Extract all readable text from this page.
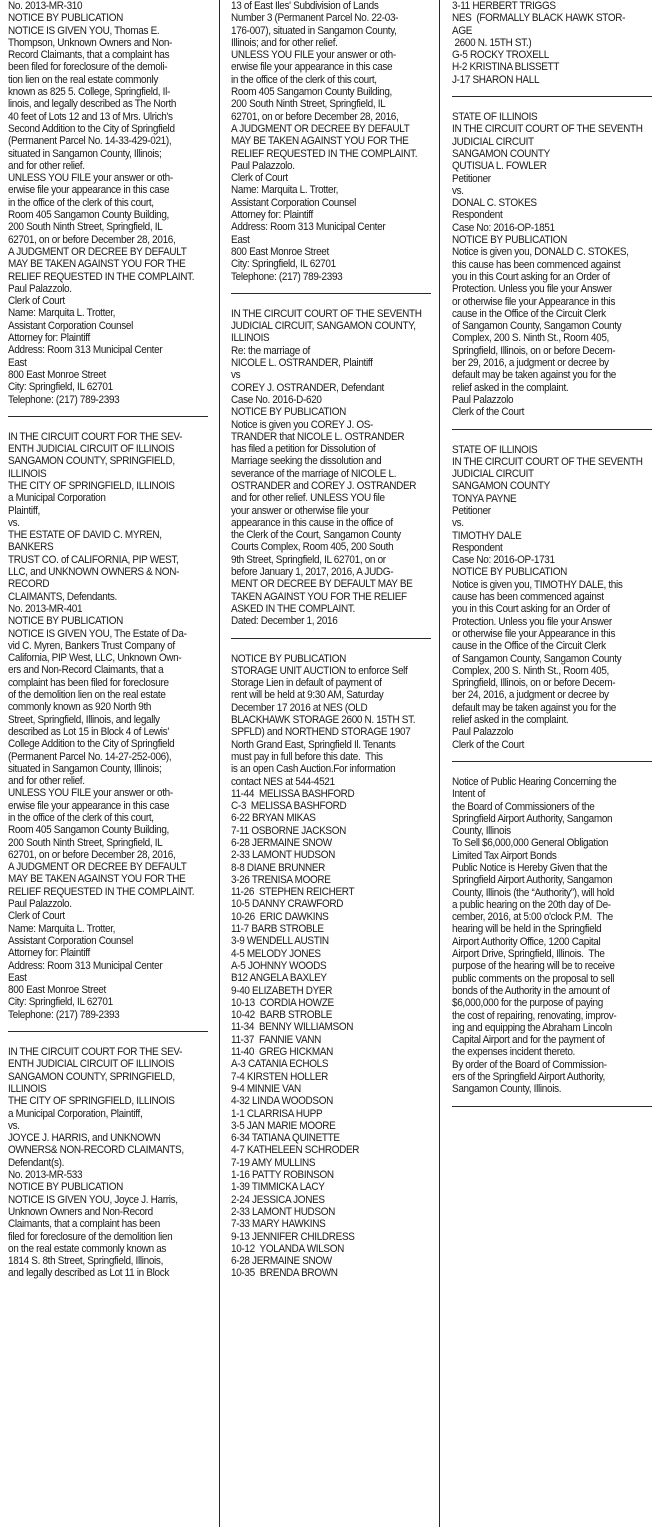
No. 2013-MR-310
NOTICE BY PUBLICATION
NOTICE IS GIVEN YOU, Thomas E.
Thompson, Unknown Owners and Non-
Record Claimants, that a complaint has
been filed for foreclosure of the demoli-
tion lien on the real estate commonly
known as 825 5. College, Springfield, Il-
linois, and legally described as The North
40 feet of Lots 12 and 13 of Mrs. Ulrich's
Second Addition to the City of Springfield
(Permanent Parcel No. 14-33-429-021),
situated in Sangamon County, Illinois;
and for other relief.
UNLESS YOU FILE your answer or oth-
erwise file your appearance in this case
in the office of the clerk of this court,
Room 405 Sangamon County Building,
200 South Ninth Street, Springfield, IL
62701, on or before December 28, 2016,
A JUDGMENT OR DECREE BY DEFAULT
MAY BE TAKEN AGAINST YOU FOR THE
RELIEF REQUESTED IN THE COMPLAINT.
Paul Palazzolo.
Clerk of Court
Name: Marquita L. Trotter,
Assistant Corporation Counsel
Attorney for: Plaintiff
Address: Room 313 Municipal Center
East
800 East Monroe Street
City: Springfield, IL 62701
Telephone: (217) 789-2393
IN THE CIRCUIT COURT FOR THE SEV-
ENTH JUDICIAL CIRCUIT OF ILLINOIS
SANGAMON COUNTY, SPRINGFIELD,
ILLINOIS
THE CITY OF SPRINGFIELD, ILLINOIS
a Municipal Corporation
Plaintiff,
vs.
THE ESTATE OF DAVID C. MYREN,
BANKERS
TRUST CO. of CALIFORNIA, PIP WEST,
LLC, and UNKNOWN OWNERS & NON-
RECORD
CLAIMANTS, Defendants.
No. 2013-MR-401
NOTICE BY PUBLICATION
NOTICE IS GIVEN YOU, The Estate of Da-
vid C. Myren, Bankers Trust Company of
California, PIP West, LLC, Unknown Own-
ers and Non-Record Claimants, that a
complaint has been filed for foreclosure
of the demolition lien on the real estate
commonly known as 920 North 9th
Street, Springfield, Illinois, and legally
described as Lot 15 in Block 4 of Lewis'
College Addition to the City of Springfield
(Permanent Parcel No. 14-27-252-006),
situated in Sangamon County, Illinois;
and for other relief.
UNLESS YOU FILE your answer or oth-
erwise file your appearance in this case
in the office of the clerk of this court,
Room 405 Sangamon County Building,
200 South Ninth Street, Springfield, IL
62701, on or before December 28, 2016,
A JUDGMENT OR DECREE BY DEFAULT
MAY BE TAKEN AGAINST YOU FOR THE
RELIEF REQUESTED IN THE COMPLAINT.
Paul Palazzolo.
Clerk of Court
Name: Marquita L. Trotter,
Assistant Corporation Counsel
Attorney for: Plaintiff
Address: Room 313 Municipal Center
East
800 East Monroe Street
City: Springfield, IL 62701
Telephone: (217) 789-2393
IN THE CIRCUIT COURT FOR THE SEV-
ENTH JUDICIAL CIRCUIT OF ILLINOIS
SANGAMON COUNTY, SPRINGFIELD,
ILLINOIS
THE CITY OF SPRINGFIELD, ILLINOIS
a Municipal Corporation, Plaintiff,
vs.
JOYCE J. HARRIS, and UNKNOWN
OWNERS& NON-RECORD CLAIMANTS,
Defendant(s).
No. 2013-MR-533
NOTICE BY PUBLICATION
NOTICE IS GIVEN YOU, Joyce J. Harris,
Unknown Owners and Non-Record
Claimants, that a complaint has been
filed for foreclosure of the demolition lien
on the real estate commonly known as
1814 S. 8th Street, Springfield, Illinois,
and legally described as Lot 11 in Block
13 of East Iles' Subdivision of Lands
Number 3 (Permanent Parcel No. 22-03-
176-007), situated in Sangamon County,
Illinois; and for other relief.
UNLESS YOU FILE your answer or oth-
erwise file your appearance in this case
in the office of the clerk of this court,
Room 405 Sangamon County Building,
200 South Ninth Street, Springfield, IL
62701, on or before December 28, 2016,
A JUDGMENT OR DECREE BY DEFAULT
MAY BE TAKEN AGAINST YOU FOR THE
RELIEF REQUESTED IN THE COMPLAINT.
Paul Palazzolo.
Clerk of Court
Name: Marquita L. Trotter,
Assistant Corporation Counsel
Attorney for: Plaintiff
Address: Room 313 Municipal Center
East
800 East Monroe Street
City: Springfield, IL 62701
Telephone: (217) 789-2393
IN THE CIRCUIT COURT OF THE SEVENTH
JUDICIAL CIRCUIT, SANGAMON COUNTY,
ILLINOIS
Re: the marriage of
NICOLE L. OSTRANDER, Plaintiff
vs
COREY J. OSTRANDER, Defendant
Case No. 2016-D-620
NOTICE BY PUBLICATION
Notice is given you COREY J. OS-
TRANDER that NICOLE L. OSTRANDER
has filed a petition for Dissolution of
Marriage seeking the dissolution and
severance of the marriage of NICOLE L.
OSTRANDER and COREY J. OSTRANDER
and for other relief. UNLESS YOU file
your answer or otherwise file your
appearance in this cause in the office of
the Clerk of the Court, Sangamon County
Courts Complex, Room 405, 200 South
9th Street, Springfield, IL 62701, on or
before January 1, 2017, 2016, A JUDG-
MENT OR DECREE BY DEFAULT MAY BE
TAKEN AGAINST YOU FOR THE RELIEF
ASKED IN THE COMPLAINT.
Dated: December 1, 2016
NOTICE BY PUBLICATION
STORAGE UNIT AUCTION to enforce Self
Storage Lien in default of payment of
rent will be held at 9:30 AM, Saturday
December 17 2016 at NES (OLD
BLACKHAWK STORAGE 2600 N. 15TH ST.
SPFLD) and NORTHEND STORAGE 1907
North Grand East, Springfield Il. Tenants
must pay in full before this date.  This
is an open Cash Auction.For information
contact NES at 544-4521
11-44  MELISSA BASHFORD
C-3  MELISSA BASHFORD
6-22 BRYAN MIKAS
7-11 OSBORNE JACKSON
6-28 JERMAINE SNOW
2-33 LAMONT HUDSON
8-8 DIANE BRUNNER
3-26 TRENISA MOORE
11-26  STEPHEN REICHERT
10-5 DANNY CRAWFORD
10-26  ERIC DAWKINS
11-7 BARB STROBLE
3-9 WENDELL AUSTIN
4-5 MELODY JONES
A-5 JOHNNY WOODS
B12 ANGELA BAXLEY
9-40 ELIZABETH DYER
10-13  CORDIA HOWZE
10-42  BARB STROBLE
11-34  BENNY WILLIAMSON
11-37  FANNIE VANN
11-40  GREG HICKMAN
A-3 CATANIA ECHOLS
7-4 KIRSTEN HOLLER
9-4 MINNIE VAN
4-32 LINDA WOODSON
1-1 CLARRISA HUPP
3-5 JAN MARIE MOORE
6-34 TATIANA QUINETTE
4-7 KATHELEEN SCHRODER
7-19 AMY MULLINS
1-16 PATTY ROBINSON
1-39 TIMMICKA LACY
2-24 JESSICA JONES
2-33 LAMONT HUDSON
7-33 MARY HAWKINS
9-13 JENNIFER CHILDRESS
10-12  YOLANDA WILSON
6-28 JERMAINE SNOW
10-35  BRENDA BROWN
3-11 HERBERT TRIGGS
NES  (FORMALLY BLACK HAWK STOR-
AGE
2600 N. 15TH ST.)
G-5 ROCKY TROXELL
H-2 KRISTINA BLISSETT
J-17 SHARON HALL
STATE OF ILLINOIS
IN THE CIRCUIT COURT OF THE SEVENTH
JUDICIAL CIRCUIT
SANGAMON COUNTY
QUTISUA L. FOWLER
Petitioner
vs.
DONAL C. STOKES
Respondent
Case No: 2016-OP-1851
NOTICE BY PUBLICATION
Notice is given you, DONALD C. STOKES,
this cause has been commenced against
you in this Court asking for an Order of
Protection. Unless you file your Answer
or otherwise file your Appearance in this
cause in the Office of the Circuit Clerk
of Sangamon County, Sangamon County
Complex, 200 S. Ninth St., Room 405,
Springfield, Illinois, on or before Decem-
ber 29, 2016, a judgment or decree by
default may be taken against you for the
relief asked in the complaint.
Paul Palazzolo
Clerk of the Court
STATE OF ILLINOIS
IN THE CIRCUIT COURT OF THE SEVENTH
JUDICIAL CIRCUIT
SANGAMON COUNTY
TONYA PAYNE
Petitioner
vs.
TIMOTHY DALE
Respondent
Case No: 2016-OP-1731
NOTICE BY PUBLICATION
Notice is given you, TIMOTHY DALE, this
cause has been commenced against
you in this Court asking for an Order of
Protection. Unless you file your Answer
or otherwise file your Appearance in this
cause in the Office of the Circuit Clerk
of Sangamon County, Sangamon County
Complex, 200 S. Ninth St., Room 405,
Springfield, Illinois, on or before Decem-
ber 24, 2016, a judgment or decree by
default may be taken against you for the
relief asked in the complaint.
Paul Palazzolo
Clerk of the Court
Notice of Public Hearing Concerning the
Intent of
the Board of Commissioners of the
Springfield Airport Authority, Sangamon
County, Illinois
To Sell $6,000,000 General Obligation
Limited Tax Airport Bonds
Public Notice is Hereby Given that the
Springfield Airport Authority, Sangamon
County, Illinois (the “Authority”), will hold
a public hearing on the 20th day of De-
cember, 2016, at 5:00 o'clock P.M.  The
hearing will be held in the Springfield
Airport Authority Office, 1200 Capital
Airport Drive, Springfield, Illinois.  The
purpose of the hearing will be to receive
public comments on the proposal to sell
bonds of the Authority in the amount of
$6,000,000 for the purpose of paying
the cost of repairing, renovating, improv-
ing and equipping the Abraham Lincoln
Capital Airport and for the payment of
the expenses incident thereto.
By order of the Board of Commission-
ers of the Springfield Airport Authority,
Sangamon County, Illinois.
